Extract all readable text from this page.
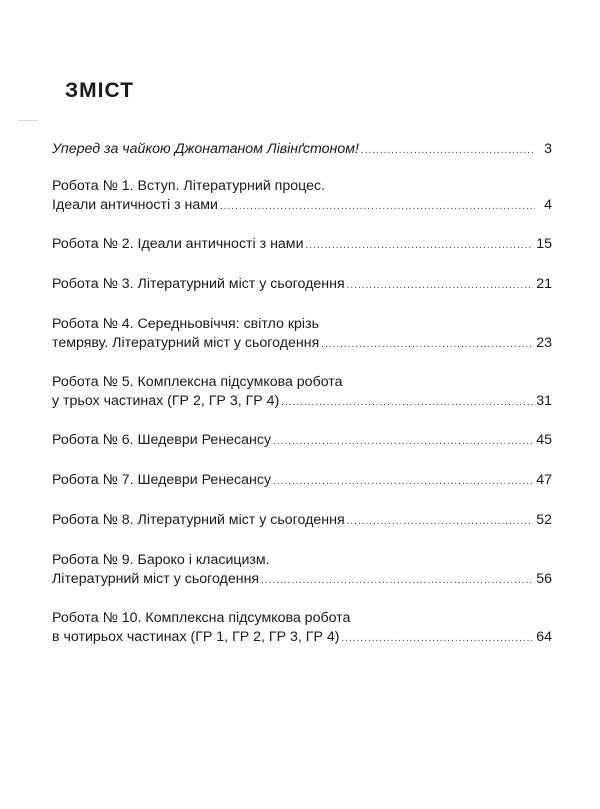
ЗМІСТ
Уперед за чайкою Джонатаном Лівінґстоном! .....	3
Робота № 1. Вступ. Літературний процес.
Ідеали античності з нами .....	4
Робота № 2. Ідеали античності з нами .....	15
Робота № 3. Літературний міст у сьогодення .....	21
Робота № 4. Середньовіччя: світло крізь
темряву. Літературний міст у сьогодення .....	23
Робота № 5. Комплексна підсумкова робота
у трьох частинах (ГР 2, ГР 3, ГР 4) .....	31
Робота № 6. Шедеври Ренесансу .....	45
Робота № 7. Шедеври Ренесансу .....	47
Робота № 8. Літературний міст у сьогодення .....	52
Робота № 9. Бароко і класицизм.
Літературний міст у сьогодення .....	56
Робота № 10. Комплексна підсумкова робота
в чотирьох частинах (ГР 1, ГР 2, ГР 3, ГР 4) .....	64
